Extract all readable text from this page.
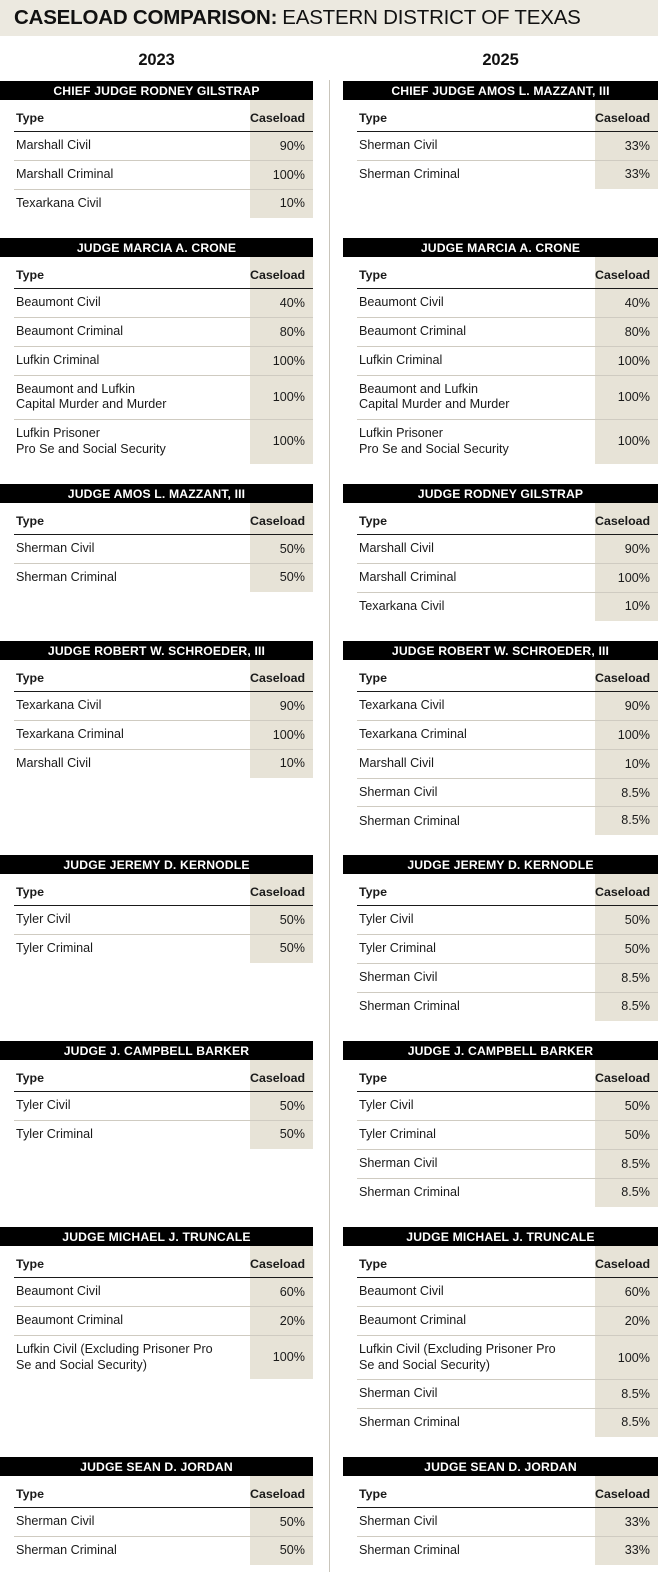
CASELOAD COMPARISON: EASTERN DISTRICT OF TEXAS
2023
CHIEF JUDGE RODNEY GILSTRAP
Type	Caseload
Marshall Civil	90%
Marshall Criminal	100%
Texarkana Civil	10%
JUDGE MARCIA A. CRONE
Type	Caseload
Beaumont Civil	40%
Beaumont Criminal	80%
Lufkin Criminal	100%
Beaumont and Lufkin
Capital Murder and Murder	100%
Lufkin Prisoner
Pro Se and Social Security	100%
JUDGE AMOS L. MAZZANT, III
Type	Caseload
Sherman Civil	50%
Sherman Criminal	50%
JUDGE ROBERT W. SCHROEDER, III
Type	Caseload
Texarkana Civil	90%
Texarkana Criminal	100%
Marshall Civil	10%
JUDGE JEREMY D. KERNODLE
Type	Caseload
Tyler Civil	50%
Tyler Criminal	50%
JUDGE J. CAMPBELL BARKER
Type	Caseload
Tyler Civil	50%
Tyler Criminal	50%
JUDGE MICHAEL J. TRUNCALE
Type	Caseload
Beaumont Civil	60%
Beaumont Criminal	20%
Lufkin Civil (Excluding Prisoner Pro
Se and Social Security)	100%
JUDGE SEAN D. JORDAN
Type	Caseload
Sherman Civil	50%
Sherman Criminal	50%
2025
CHIEF JUDGE AMOS L. MAZZANT, III
Type	Caseload
Sherman Civil	33%
Sherman Criminal	33%
JUDGE MARCIA A. CRONE
Type	Caseload
Beaumont Civil	40%
Beaumont Criminal	80%
Lufkin Criminal	100%
Beaumont and Lufkin
Capital Murder and Murder	100%
Lufkin Prisoner
Pro Se and Social Security	100%
JUDGE RODNEY GILSTRAP
Type	Caseload
Marshall Civil	90%
Marshall Criminal	100%
Texarkana Civil	10%
JUDGE ROBERT W. SCHROEDER, III
Type	Caseload
Texarkana Civil	90%
Texarkana Criminal	100%
Marshall Civil	10%
Sherman Civil	8.5%
Sherman Criminal	8.5%
JUDGE JEREMY D. KERNODLE
Type	Caseload
Tyler Civil	50%
Tyler Criminal	50%
Sherman Civil	8.5%
Sherman Criminal	8.5%
JUDGE J. CAMPBELL BARKER
Type	Caseload
Tyler Civil	50%
Tyler Criminal	50%
Sherman Civil	8.5%
Sherman Criminal	8.5%
JUDGE MICHAEL J. TRUNCALE
Type	Caseload
Beaumont Civil	60%
Beaumont Criminal	20%
Lufkin Civil (Excluding Prisoner Pro
Se and Social Security)	100%
Sherman Civil	8.5%
Sherman Criminal	8.5%
JUDGE SEAN D. JORDAN
Type	Caseload
Sherman Civil	33%
Sherman Criminal	33%
